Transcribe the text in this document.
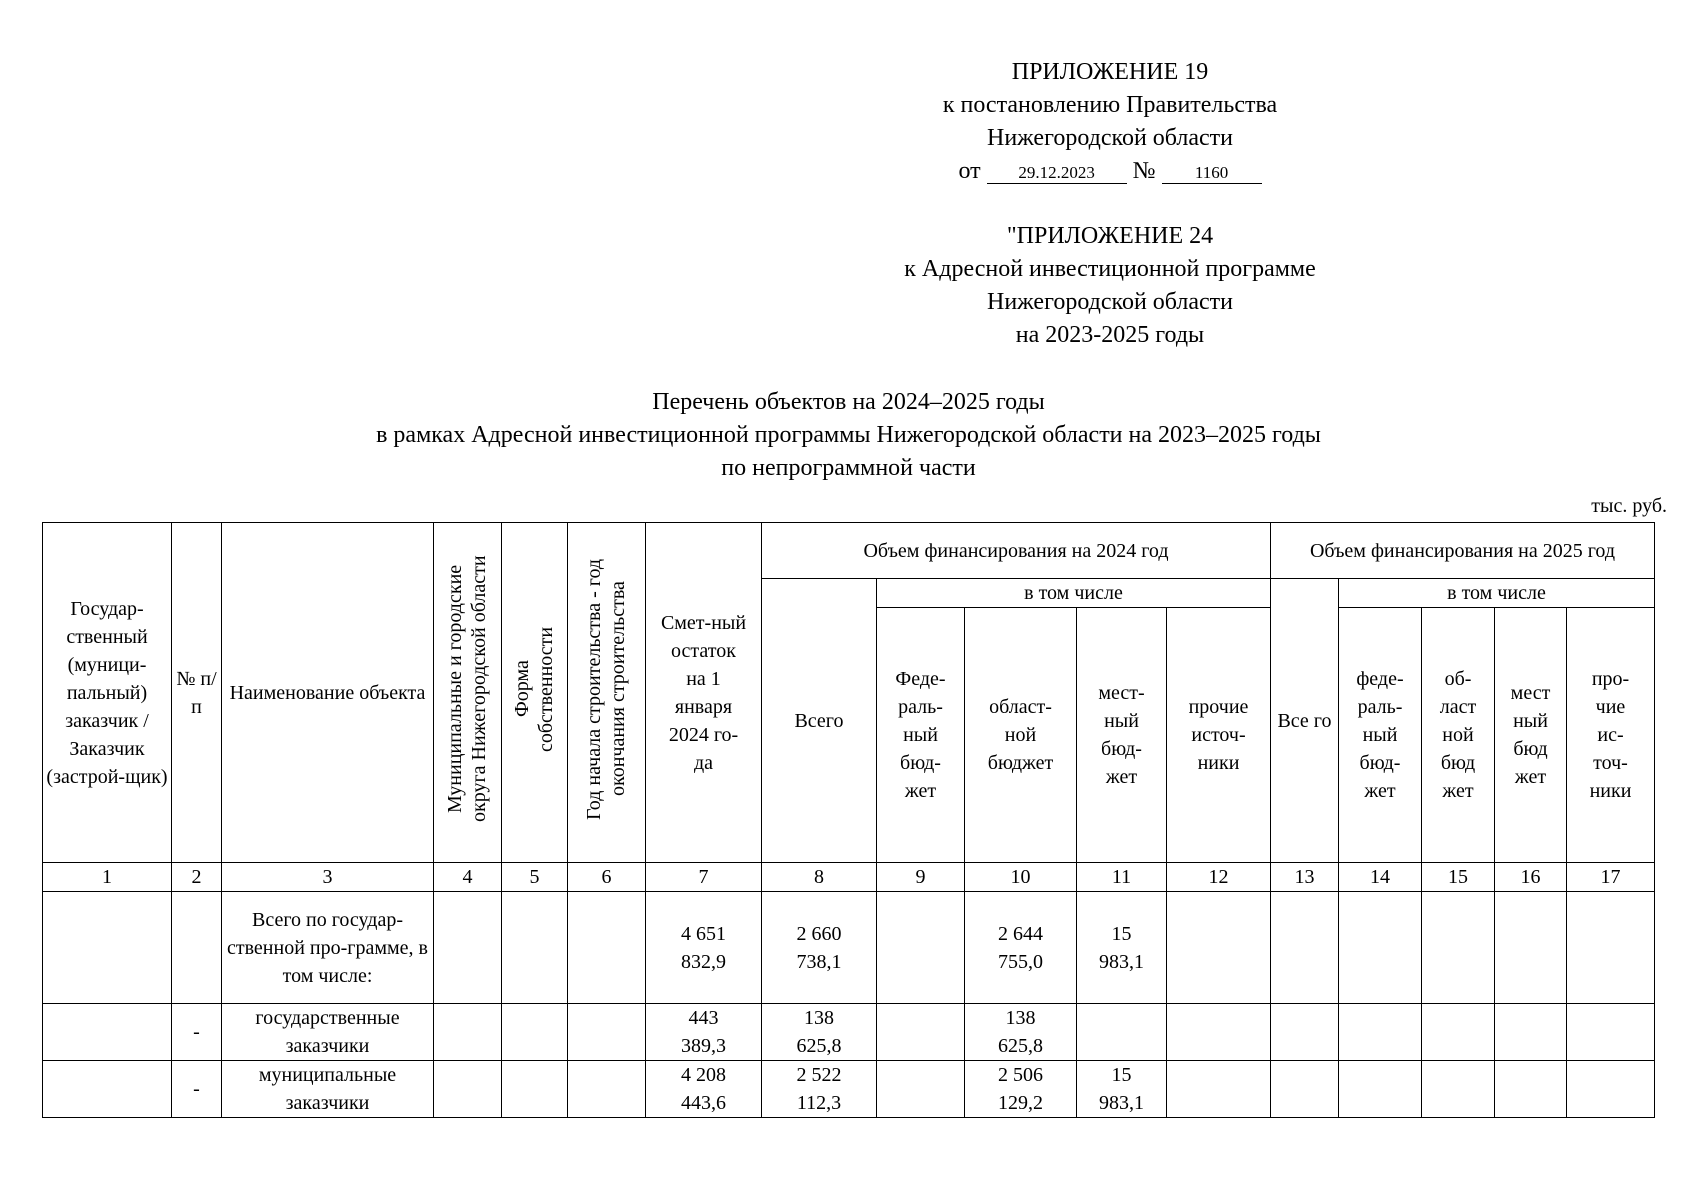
ПРИЛОЖЕНИЕ 19
к постановлению Правительства
Нижегородской области
от 29.12.2023 № 1160
"ПРИЛОЖЕНИЕ 24
к Адресной инвестиционной программе
Нижегородской области
на 2023-2025 годы
Перечень объектов на 2024–2025 годы
в рамках Адресной инвестиционной программы Нижегородской области на 2023–2025 годы
по непрограммной части
тыс. руб.
Государ-ственный (муници-пальный) заказчик / Заказчик (застрой-щик)	№ п/п	Наименование объекта	Муниципальные и городские округа Нижегородской области	Форма собственности	Год начала строительства - год окончания строительства	Смет-ный остаток на 1 января 2024 го-да	Объем финансирования на 2024 год					Объем финансирования на 2025 год				
							Всего	в том числе				Все го	в том числе			
								Феде-раль-ный бюд-жет	област-ной бюджет	мест-ный бюд-жет	прочие источ-ники		феде-раль-ный бюд-жет	об-ласт ной бюд жет	мест ный бюд жет	про-чие ис-точ-ники
1	2	3	4	5	6	7	8	9	10	11	12	13	14	15	16	17
		Всего по государ-ственной про-грамме, в том числе:				4 651 832,9	2 660 738,1		2 644 755,0	15 983,1						
	-	государственные заказчики				443 389,3	138 625,8		138 625,8							
	-	муниципальные заказчики				4 208 443,6	2 522 112,3		2 506 129,2	15 983,1						
